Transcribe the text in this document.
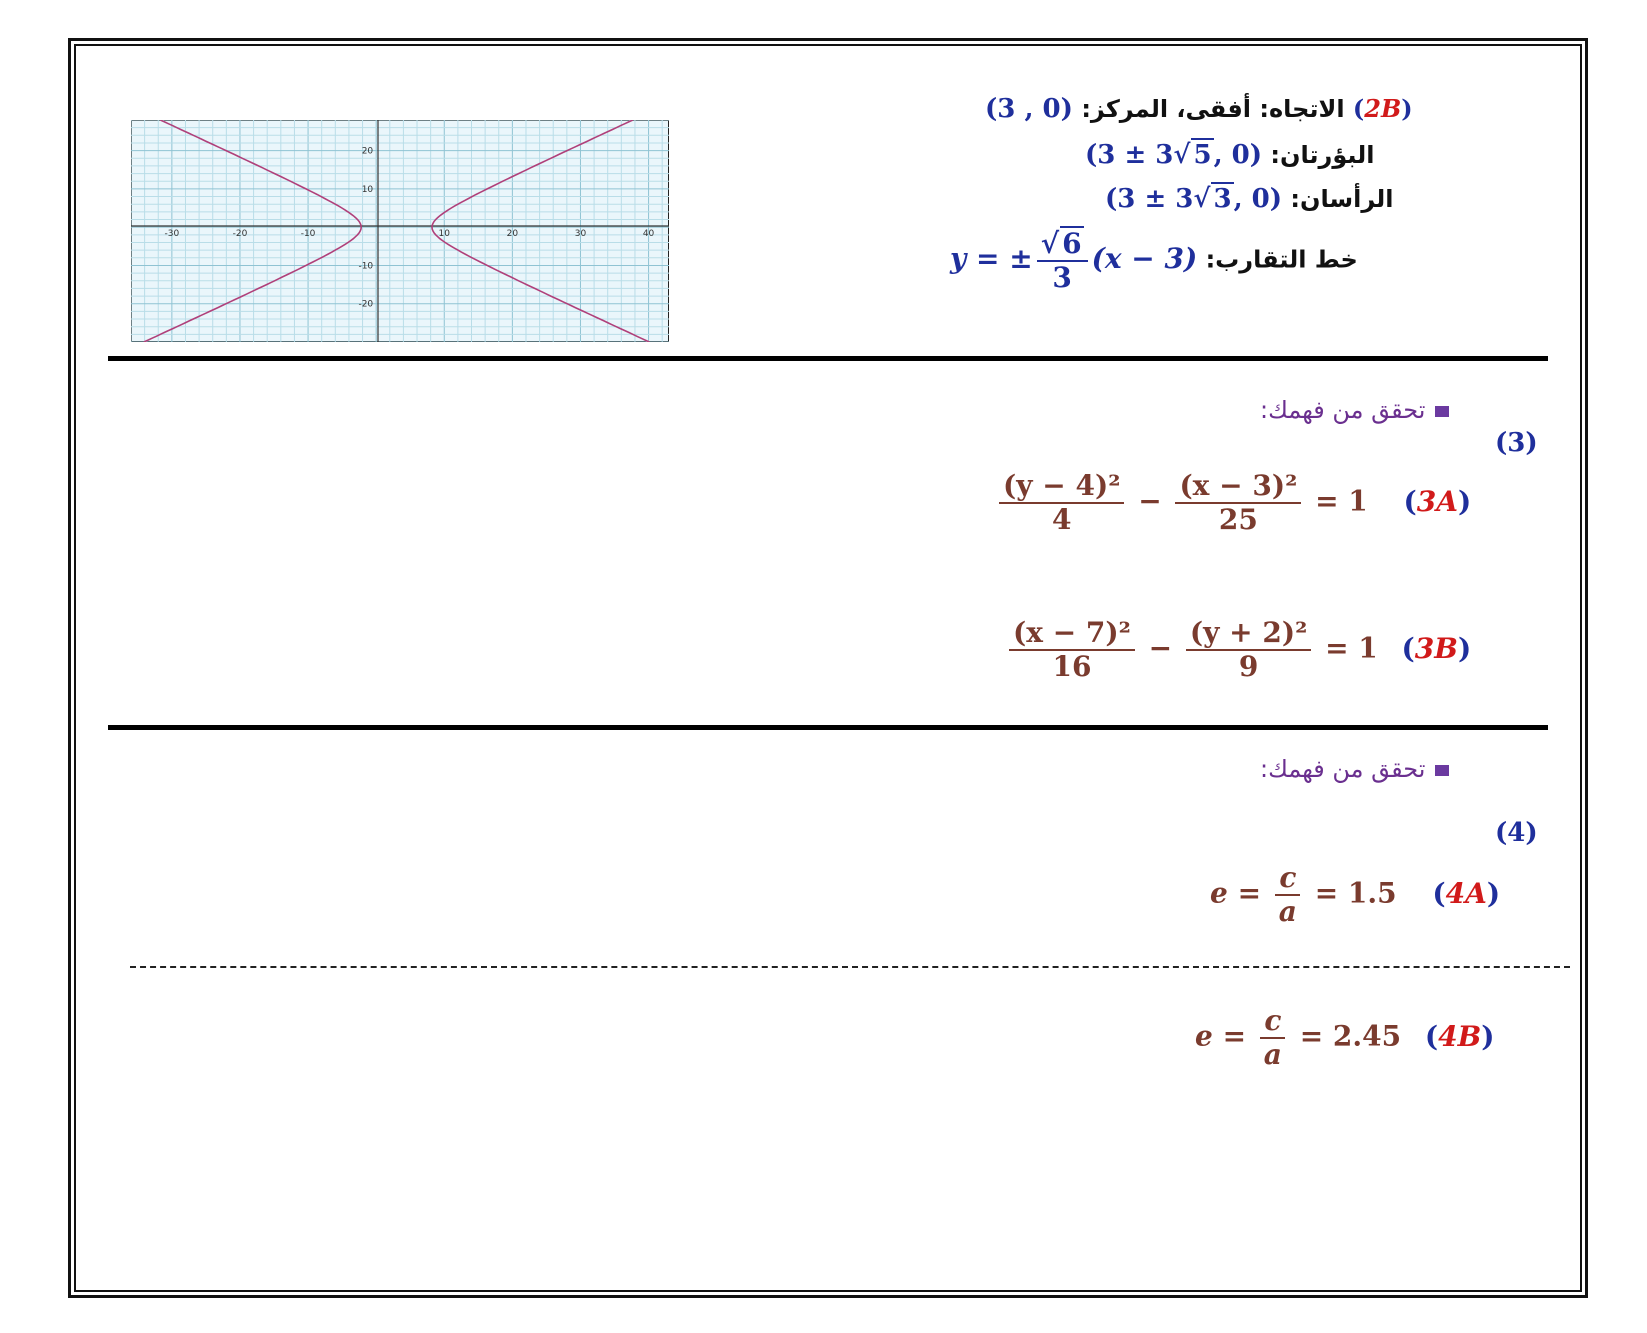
-30	-20	-10	10	20	30	40
20
10
-10
-20
(2B) الاتجاه: أفقى، المركز: (3 , 0)
البؤرتان: (3 ± 3√ 5, 0)
الرأسان: (3 ± 3√ 3, 0)
خط التقارب: y = ± $\frac{√ 6}{3} (x - 3)$
تحقق من فهمك:
(3)
$\frac{\text{(y − 4)²}}{4} - \frac{\text{(x − 3)²}}{25} = 1$ (3A)
$\frac{\text{(x − 7)²}}{16} - \frac{\text{(y + 2)²}}{9} = 1$ (3B)
تحقق من فهمك:
(4)
$e = \frac{c}{a} = 1.5$ (4A)
$e = \frac{c}{a} = 2.45$ (4B)
